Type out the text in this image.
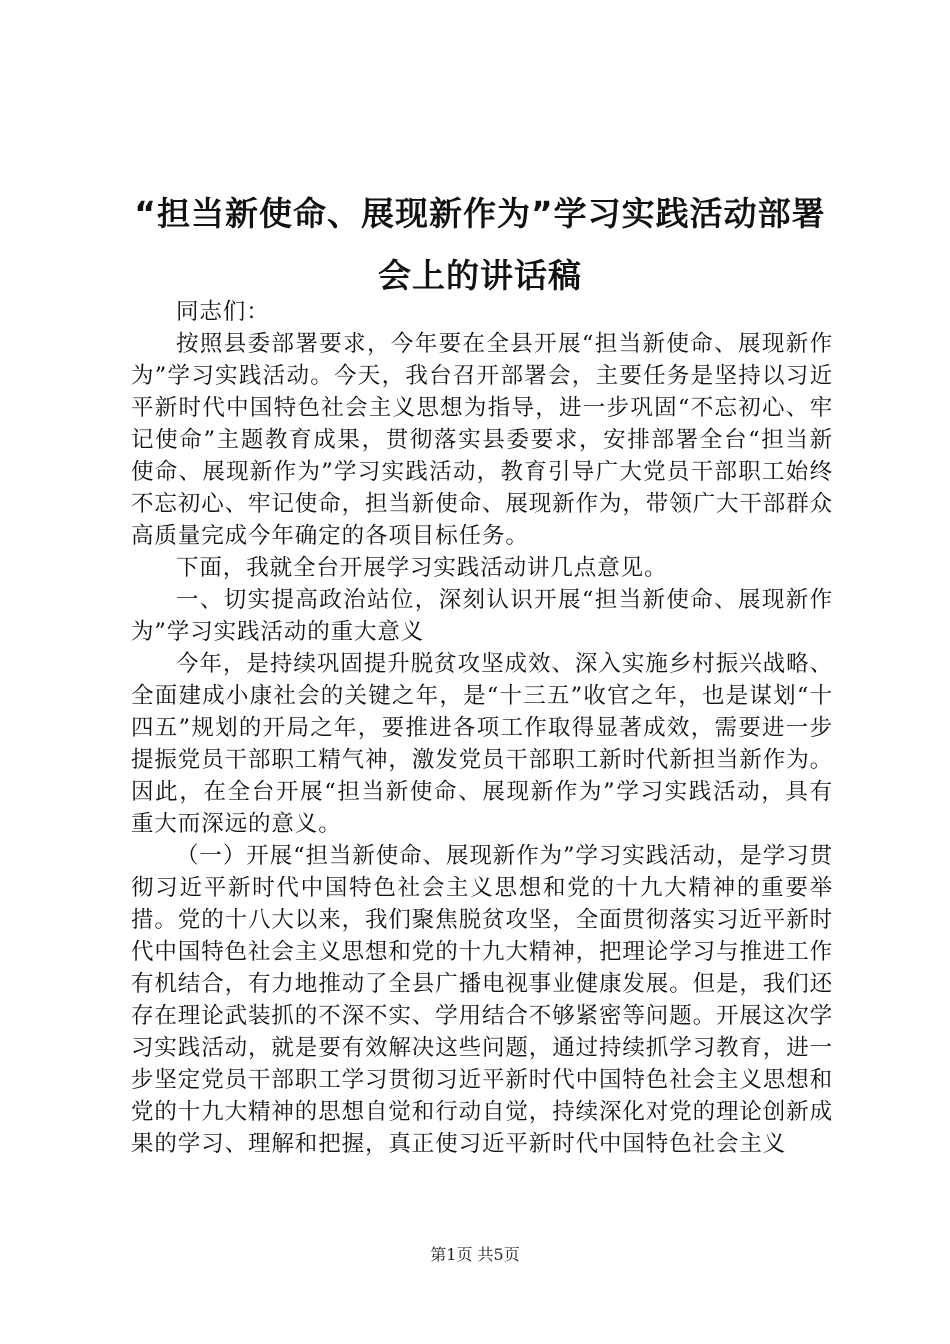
“担当新使命、展现新作为”学习实践活动部署会上的讲话稿

同志们：

按照县委部署要求，今年要在全县开展“担当新使命、展现新作为”学习实践活动。今天，我台召开部署会，主要任务是坚持以习近平新时代中国特色社会主义思想为指导，进一步巩固“不忘初心、牢记使命”主题教育成果，贯彻落实县委要求，安排部署全台“担当新使命、展现新作为”学习实践活动，教育引导广大党员干部职工始终不忘初心、牢记使命，担当新使命、展现新作为，带领广大干部群众高质量完成今年确定的各项目标任务。

下面，我就全台开展学习实践活动讲几点意见。

一、切实提高政治站位，深刻认识开展“担当新使命、展现新作为”学习实践活动的重大意义

今年，是持续巩固提升脱贫攻坚成效、深入实施乡村振兴战略、全面建成小康社会的关键之年，是“十三五”收官之年，也是谋划“十四五”规划的开局之年，要推进各项工作取得显著成效，需要进一步提振党员干部职工精气神，激发党员干部职工新时代新担当新作为。因此，在全台开展“担当新使命、展现新作为”学习实践活动，具有重大而深远的意义。

（一）开展“担当新使命、展现新作为”学习实践活动，是学习贯彻习近平新时代中国特色社会主义思想和党的十九大精神的重要举措。党的十八大以来，我们聚焦脱贫攻坚，全面贯彻落实习近平新时代中国特色社会主义思想和党的十九大精神，把理论学习与推进工作有机结合，有力地推动了全县广播电视事业健康发展。但是，我们还存在理论武装抓的不深不实、学用结合不够紧密等问题。开展这次学习实践活动，就是要有效解决这些问题，通过持续抓学习教育，进一步坚定党员干部职工学习贯彻习近平新时代中国特色社会主义思想和党的十九大精神的思想自觉和行动自觉，持续深化对党的理论创新成果的学习、理解和把握，真正使习近平新时代中国特色社会主义

第1页 共5页
